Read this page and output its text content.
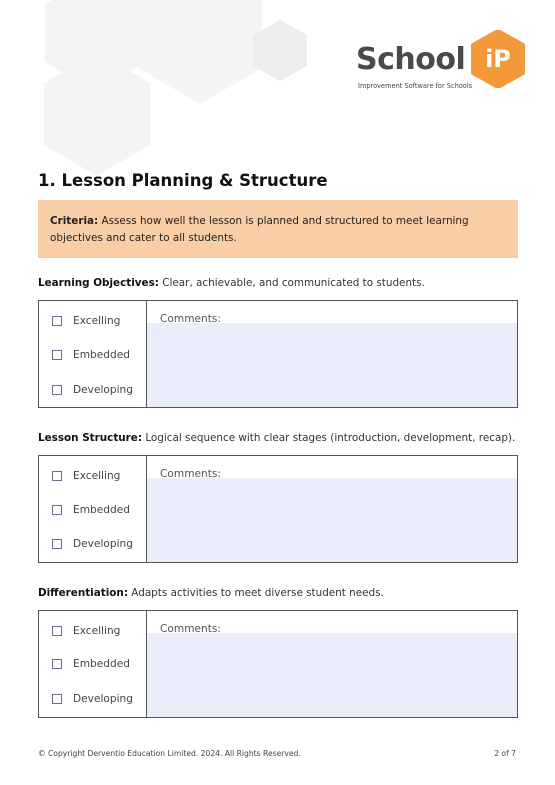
School iP
Improvement Software for Schools
1. Lesson Planning & Structure
Criteria: Assess how well the lesson is planned and structured to meet learning objectives and cater to all students.
Learning Objectives: Clear, achievable, and communicated to students.
Excelling
Embedded
Developing
Comments:
Lesson Structure: Logical sequence with clear stages (introduction, development, recap).
Excelling
Embedded
Developing
Comments:
Differentiation: Adapts activities to meet diverse student needs.
Excelling
Embedded
Developing
Comments:
© Copyright Derventio Education Limited. 2024. All Rights Reserved.	2 of 7
